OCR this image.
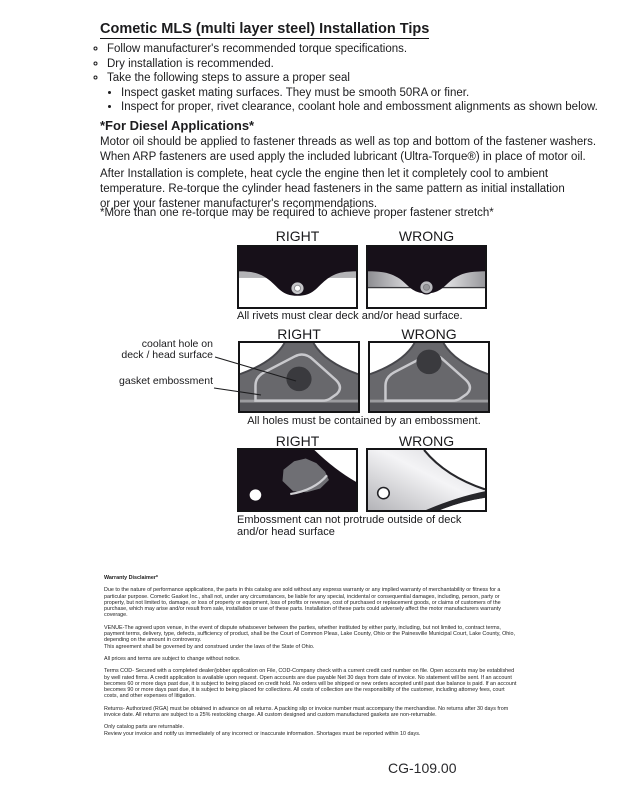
Cometic MLS (multi layer steel) Installation Tips
◦ Follow manufacturer's recommended torque specifications.
◦ Dry installation is recommended.
◦ Take the following steps to assure a proper seal
• Inspect gasket mating surfaces. They must be smooth 50RA or finer.
• Inspect for proper, rivet clearance, coolant hole and embossment alignments as shown below.
*For Diesel Applications*
Motor oil should be applied to fastener threads as well as top and bottom of the fastener washers.
When ARP fasteners are used apply the included lubricant (Ultra-Torque®) in place of motor oil.
After Installation is complete, heat cycle the engine then let it completely cool to ambient
temperature. Re-torque the cylinder head fasteners in the same pattern as initial installation
or per your fastener manufacturer's recommendations.
*More than one re-torque may be required to achieve proper fastener stretch*
RIGHT	WRONG
All rivets must clear deck and/or head surface.
RIGHT	WRONG
coolant hole on
deck / head surface
gasket embossment
All holes must be contained by an embossment.
RIGHT	WRONG
Embossment can not protrude outside of deck
and/or head surface

Warranty Disclaimer*

Due to the nature of performance applications, the parts in this catalog are sold without any express warranty or any implied warranty of merchantability or fitness for a particular purpose. Cometic Gasket Inc., shall not, under any circumstances, be liable for any special, incidental or consequential damages, including, person, party or property, but not limited to, damage, or loss of property or equipment, loss of profits or revenue, cost of purchased or replacement goods, or claims of customers of the purchase, which may arise and/or result from sale, installation or use of these parts. Installation of these parts could adversely affect the motor manufacturers warranty coverage.

VENUE-The agreed upon venue, in the event of dispute whatsoever between the parties, whether instituted by either party, including, but not limited to, contract terms, payment terms, delivery, type, defects, sufficiency of product, shall be the Court of Common Pleas, Lake County, Ohio or the Painesville Municipal Court, Lake County, Ohio, depending on the amount in controversy.

This agreement shall be governed by and construed under the laws of the State of Ohio.

All prices and terms are subject to change without notice.

Terms COD- Secured with a completed dealer/jobber application on File, COD-Company check with a current credit card number on file. Open accounts may be established by well rated firms. A credit application is available upon request. Open accounts are due payable Net 30 days from date of invoice. No statement will be sent. If an account becomes 60 or more days past due, it is subject to being placed on credit hold. No orders will be shipped or new orders accepted until past due balance is paid. If an account becomes 90 or more days past due, it is subject to being placed for collections. All costs of collection are the responsibility of the customer, including attorney fees, court costs, and other expenses of litigation.

Returns- Authorized (RGA) must be obtained in advance on all returns. A packing slip or invoice number must accompany the merchandise. No returns after 30 days from invoice date. All returns are subject to a 25% restocking charge. All custom designed and custom manufactured gaskets are non-returnable.

Only catalog parts are returnable.

Review your invoice and notify us immediately of any incorrect or inaccurate information. Shortages must be reported within 10 days.

CG-109.00
